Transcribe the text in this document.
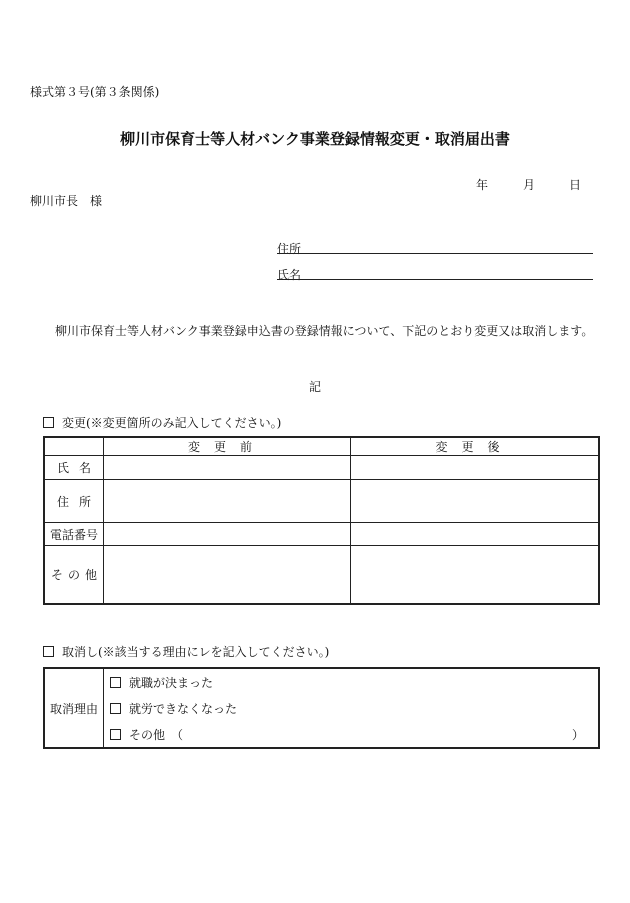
様式第３号(第３条関係)
柳川市保育士等人材バンク事業登録情報変更・取消届出書
年	月	日
柳川市長　様
住所
氏名
柳川市保育士等人材バンク事業登録申込書の登録情報について、下記のとおり変更又は取消します。
記
変更(※変更箇所のみ記入してください。)
	変更前	変更後
氏名		
住所		
電話番号		
その他		
取消し(※該当する理由にレを記入してください。)
取消理由	就職が決まった
就労できなくなった
その他　（	）
